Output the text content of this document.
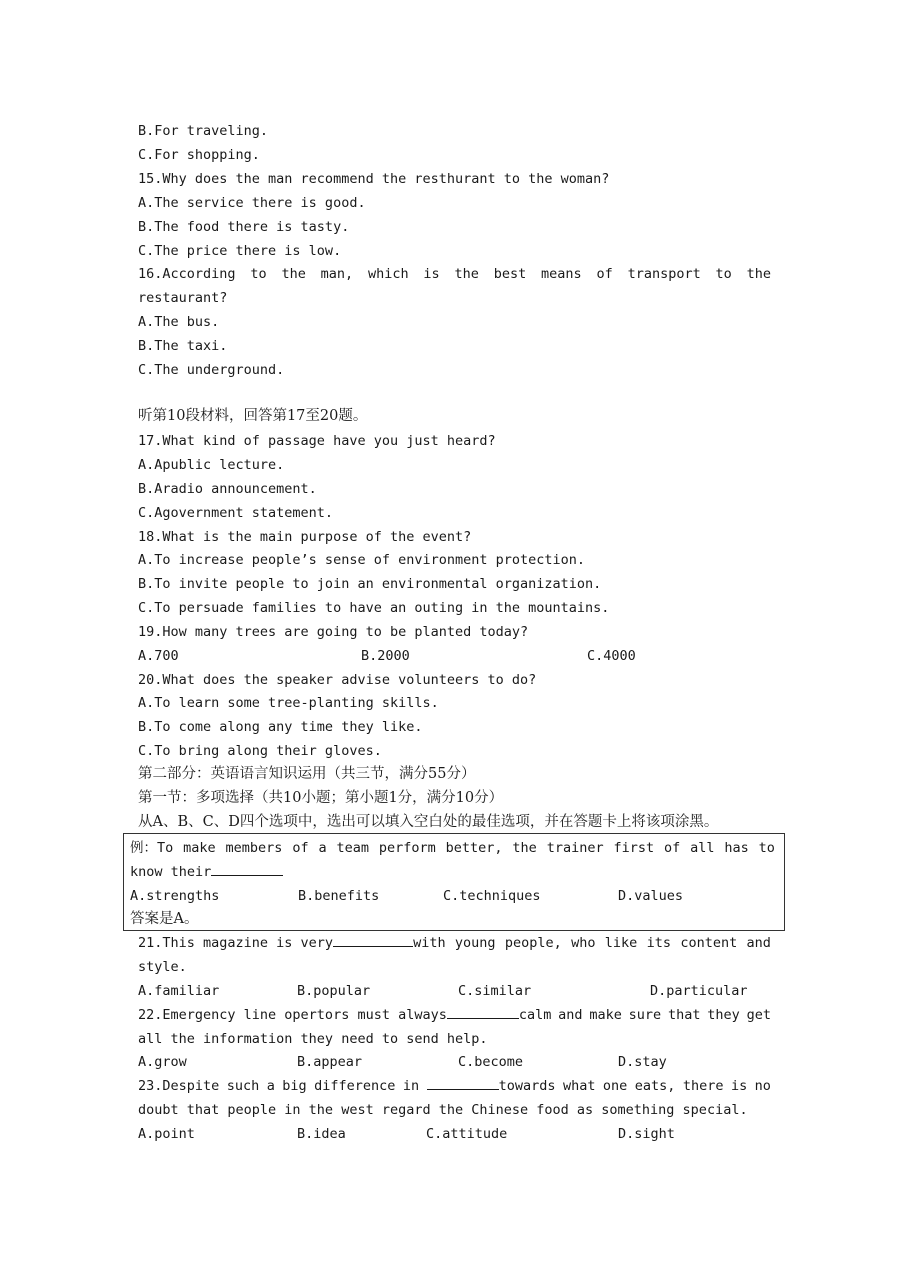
B.For traveling.
C.For shopping.
15.Why does the man recommend the resthurant to the woman?
A.The service there is good.
B.The food there is tasty.
C.The price there is low.
16.According to the man, which is the best means of transport to the
restaurant?
A.The bus.
B.The taxi.
C.The underground.
听第10段材料，回答第17至20题。
17.What kind of passage have you just heard?
A.Apublic lecture.
B.Aradio announcement.
C.Agovernment statement.
18.What is the main purpose of the event?
A.To increase people’s sense of environment protection.
B.To invite people to join an environmental organization.
C.To persuade families to have an outing in the mountains.
19.How many trees are going to be planted today?
A.700	B.2000	C.4000
20.What does the speaker advise volunteers to do?
A.To learn some tree-planting skills.
B.To come along any time they like.
C.To bring along their gloves.
第二部分：英语语言知识运用（共三节，满分55分）
第一节：多项选择（共10小题；第小题1分，满分10分）
从A、B、C、D四个选项中，选出可以填入空白处的最佳选项，并在答题卡上将该项涂黑。
例：To make members of a team perform better, the trainer first of all has to
know their
A.strengths	B.benefits	C.techniques	D.values
答案是A。
21.This magazine is very	with young people, who like its content and
style.
A.familiar	B.popular	C.similar	D.particular
22.Emergency line opertors must always	calm and make sure that they get
all the information they need to send help.
A.grow	B.appear	C.become	D.stay
23.Despite such a big difference in	towards what one eats, there is no
doubt that people in the west regard the Chinese food as something special.
A.point	B.idea	C.attitude	D.sight
